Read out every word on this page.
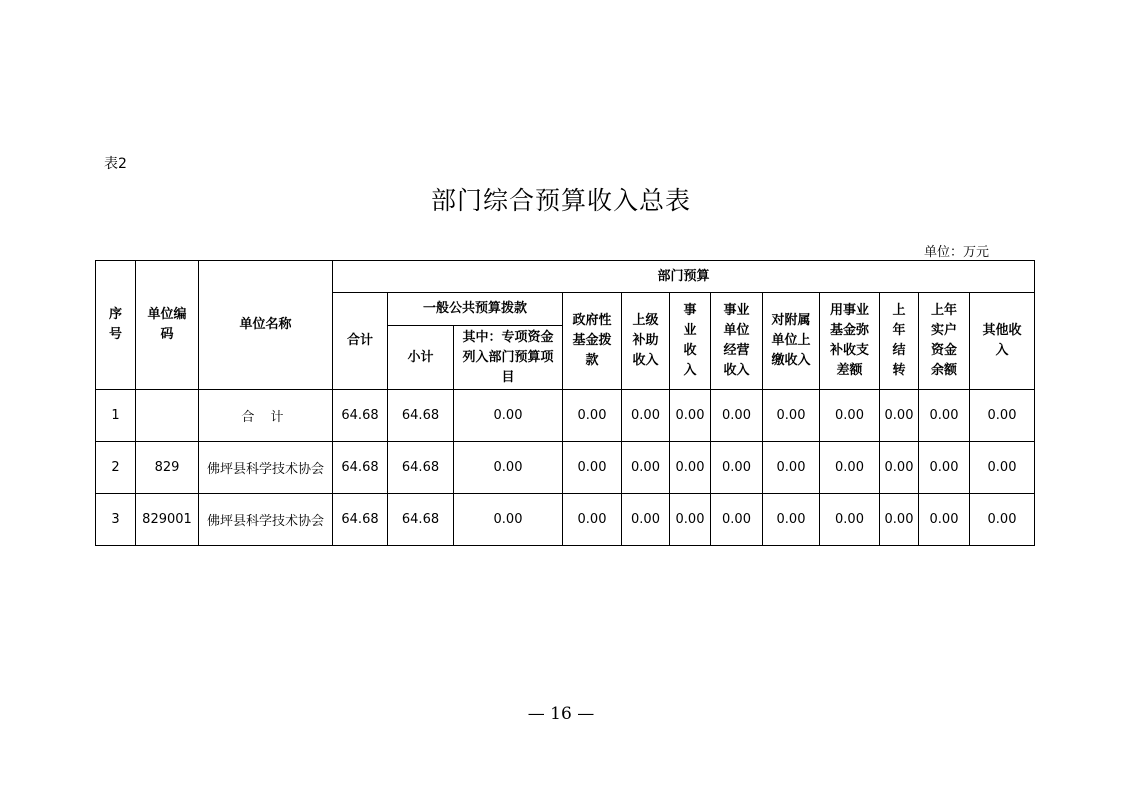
表2
部门综合预算收入总表
单位：万元
序号	单位编码	单位名称	部门预算											
			合计	一般公共预算拨款		政府性基金拨款	上级补助收入	事业收入	事业单位经营收入	对附属单位上缴收入	用事业基金弥补收支差额	上年结转	上年实户资金余额	其他收入

				小计	其中：专项资金列入部门预算项目									

1		合 计	64.68	64.68	0.00	0.00	0.00	0.00	0.00	0.00	0.00	0.00	0.00	0.00
2	829	佛坪县科学技术协会	64.68	64.68	0.00	0.00	0.00	0.00	0.00	0.00	0.00	0.00	0.00	0.00
3	829001	佛坪县科学技术协会	64.68	64.68	0.00	0.00	0.00	0.00	0.00	0.00	0.00	0.00	0.00	0.00
— 16 —
